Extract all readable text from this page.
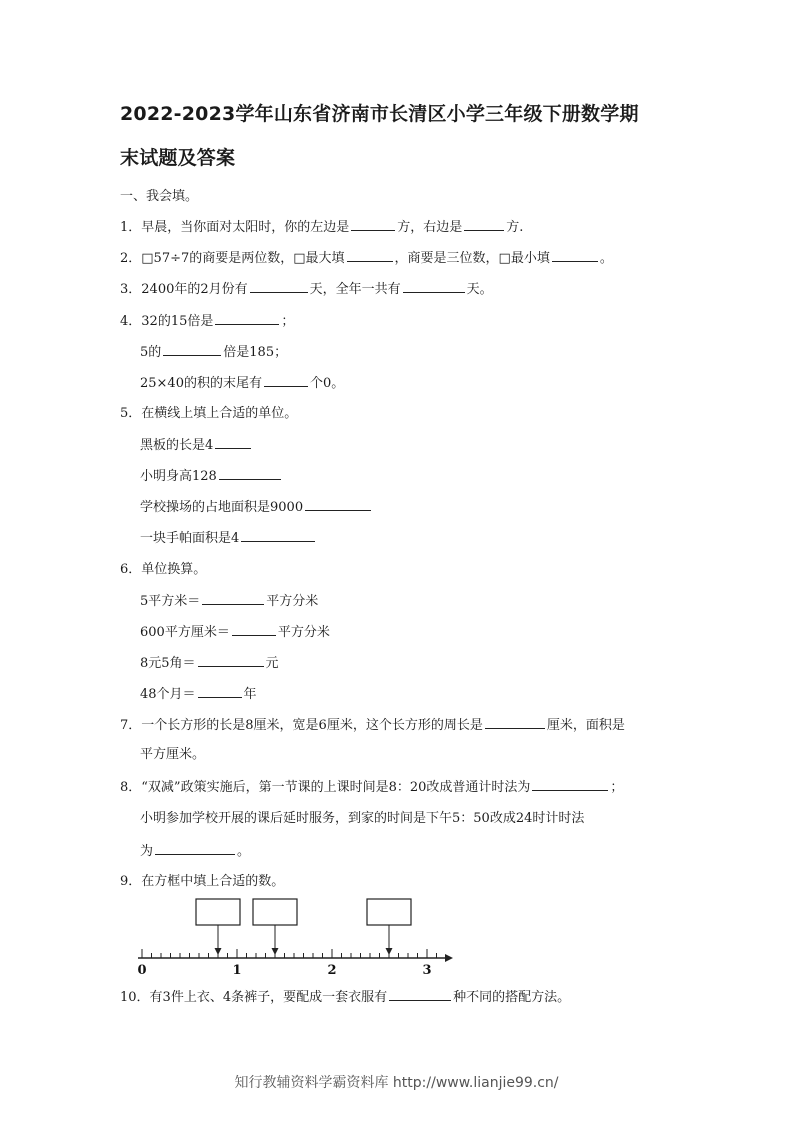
2022-2023学年山东省济南市长清区小学三年级下册数学期
末试题及答案
一、我会填。
1．早晨，当你面对太阳时，你的左边是	方，右边是	方.
2．□57÷7的商要是两位数，□最大填	，商要是三位数，□最小填	。
3．2400年的2月份有	天，全年一共有	天。
4．32的15倍是	；
5的	倍是185；
25×40的积的末尾有	个0。
5．在横线上填上合适的单位。
黑板的长是4
小明身高128
学校操场的占地面积是9000
一块手帕面积是4
6．单位换算。
5平方米＝	平方分米
600平方厘米＝	平方分米
8元5角＝	元
48个月＝	年
7．一个长方形的长是8厘米，宽是6厘米，这个长方形的周长是	厘米，面积是
平方厘米。
8．“双减”政策实施后，第一节课的上课时间是8：20改成普通计时法为	；
小明参加学校开展的课后延时服务，到家的时间是下午5：50改成24时计时法
为	。
9．在方框中填上合适的数。
0	1	2	3
10．有3件上衣、4条裤子，要配成一套衣服有	种不同的搭配方法。
知行教辅资料学霸资料库 http://www.lianjie99.cn/
